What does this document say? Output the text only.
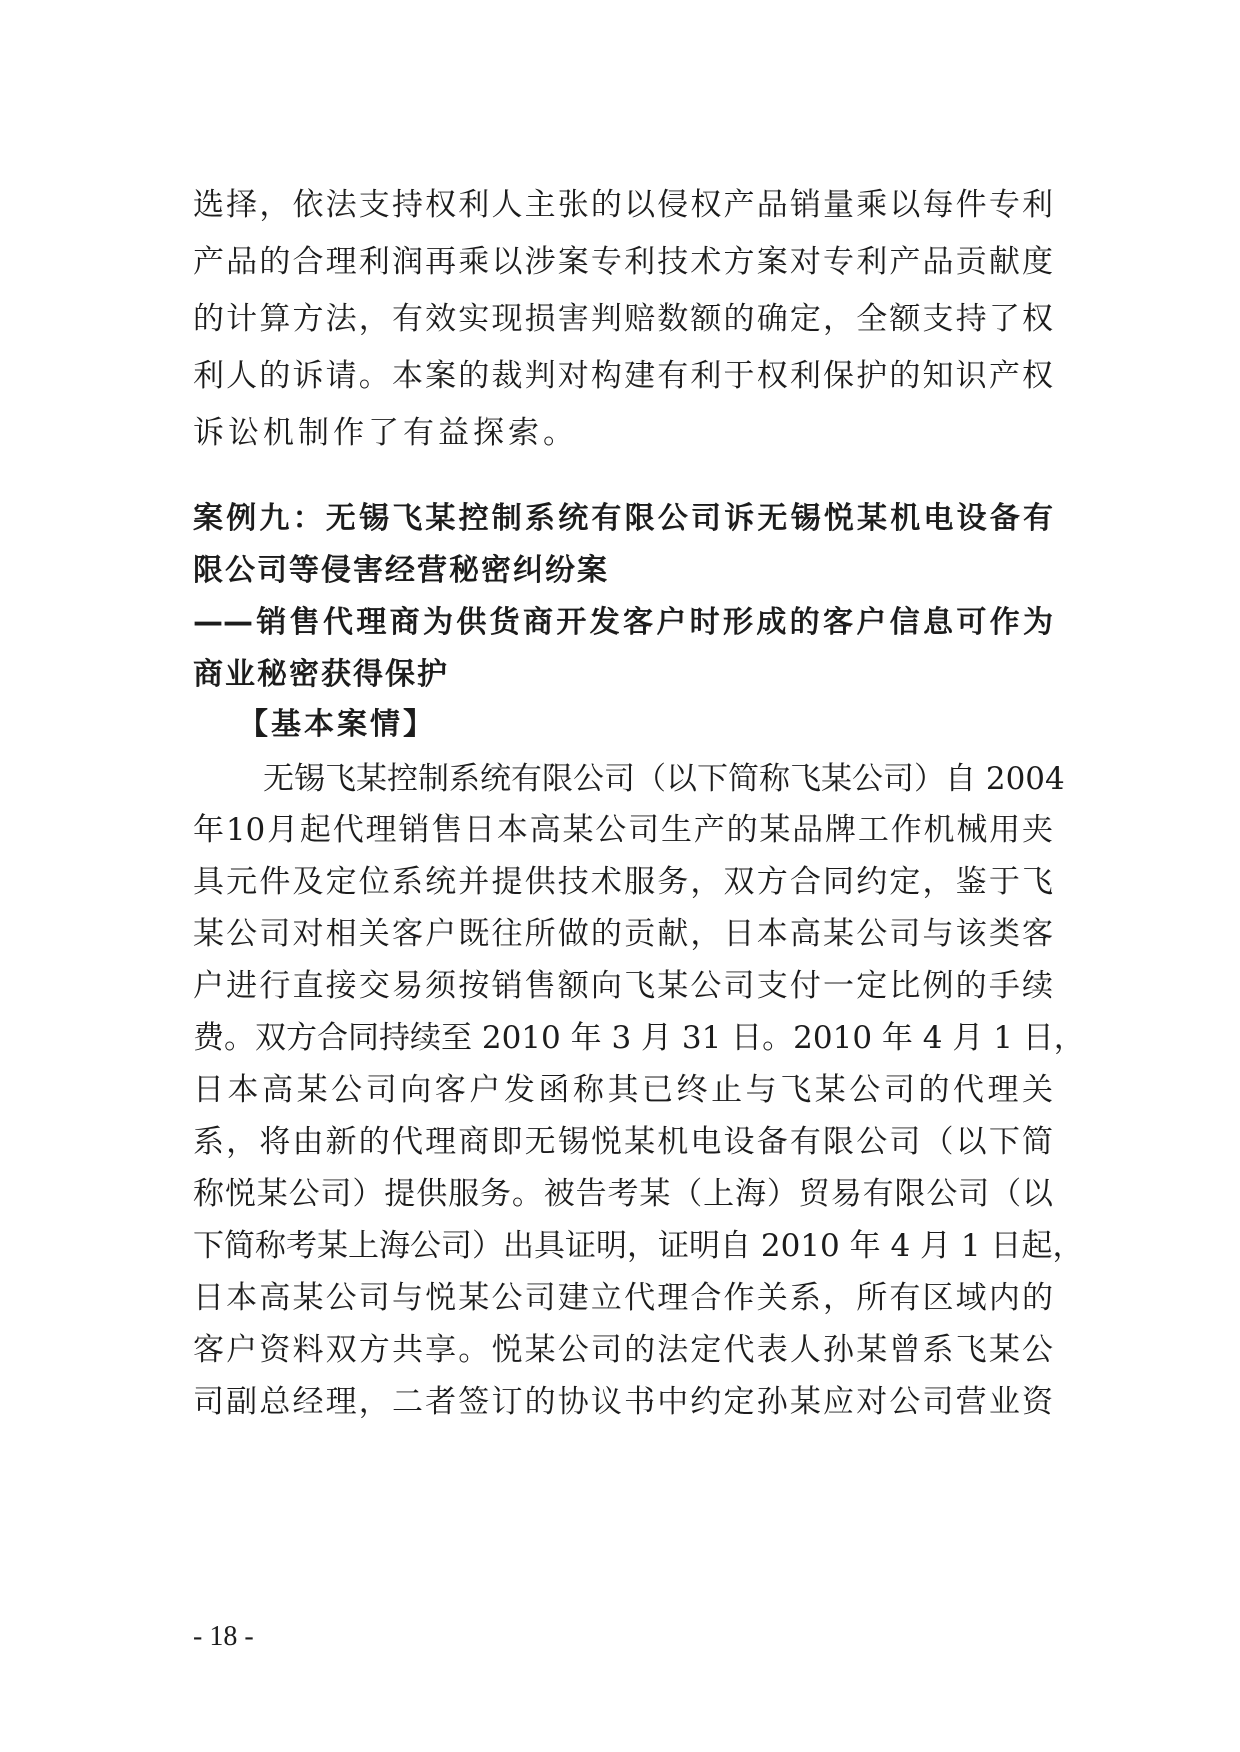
选择，依法支持权利人主张的以侵权产品销量乘以每件专利
产品的合理利润再乘以涉案专利技术方案对专利产品贡献度
的计算方法，有效实现损害判赔数额的确定，全额支持了权
利人的诉请。本案的裁判对构建有利于权利保护的知识产权
诉讼机制作了有益探索。
案例九：无锡飞某控制系统有限公司诉无锡悦某机电设备有
限公司等侵害经营秘密纠纷案
——销售代理商为供货商开发客户时形成的客户信息可作为
商业秘密获得保护
【基本案情】
无锡飞某控制系统有限公司（以下简称飞某公司）自 2004
年10月起代理销售日本高某公司生产的某品牌工作机械用夹
具元件及定位系统并提供技术服务，双方合同约定，鉴于飞
某公司对相关客户既往所做的贡献，日本高某公司与该类客
户进行直接交易须按销售额向飞某公司支付一定比例的手续
费。双方合同持续至 2010 年 3 月 31 日。2010 年 4 月 1 日，
日本高某公司向客户发函称其已终止与飞某公司的代理关
系，将由新的代理商即无锡悦某机电设备有限公司（以下简
称悦某公司）提供服务。被告考某（上海）贸易有限公司（以
下简称考某上海公司）出具证明，证明自 2010 年 4 月 1 日起，
日本高某公司与悦某公司建立代理合作关系，所有区域内的
客户资料双方共享。悦某公司的法定代表人孙某曾系飞某公
司副总经理，二者签订的协议书中约定孙某应对公司营业资
- 18 -
